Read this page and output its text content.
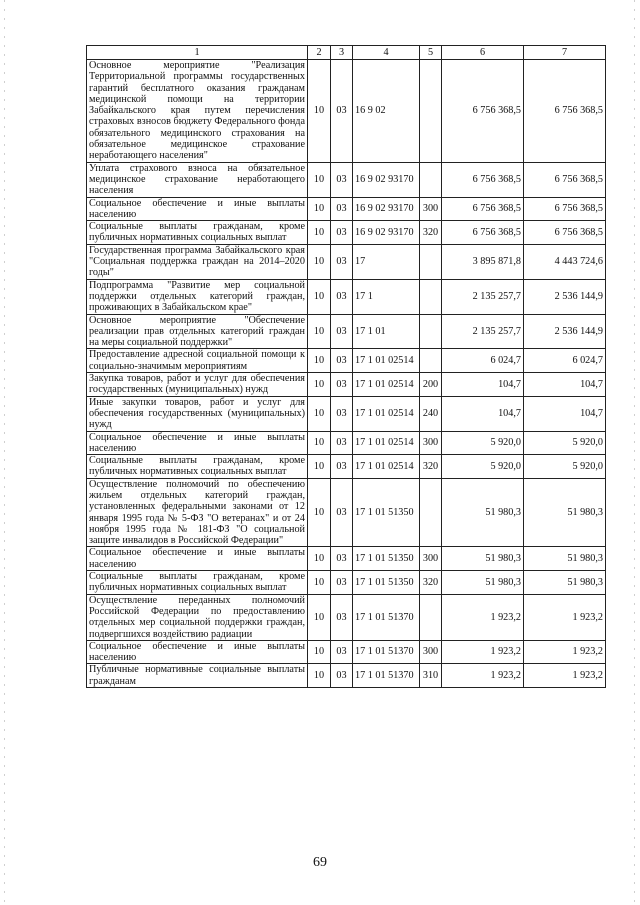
1	2	3	4	5	6	7
Основное мероприятие "Реализация Территориальной программы государственных гарантий бесплатного оказания гражданам медицинской помощи на территории Забайкальского края путем перечисления страховых взносов бюджету Федерального фонда обязательного медицинского страхования на обязательное медицинское страхование неработающего населения"	10	03	16 9 02		6 756 368,5	6 756 368,5
Уплата страхового взноса на обязательное медицинское страхование неработающего населения	10	03	16 9 02 93170		6 756 368,5	6 756 368,5
Социальное обеспечение и иные выплаты населению	10	03	16 9 02 93170	300	6 756 368,5	6 756 368,5
Социальные выплаты гражданам, кроме публичных нормативных социальных выплат	10	03	16 9 02 93170	320	6 756 368,5	6 756 368,5
Государственная программа Забайкальского края "Социальная поддержка граждан на 2014–2020 годы"	10	03	17		3 895 871,8	4 443 724,6
Подпрограмма "Развитие мер социальной поддержки отдельных категорий граждан, проживающих в Забайкальском крае"	10	03	17 1		2 135 257,7	2 536 144,9
Основное мероприятие "Обеспечение реализации прав отдельных категорий граждан на меры социальной поддержки"	10	03	17 1 01		2 135 257,7	2 536 144,9
Предоставление адресной социальной помощи к социально-значимым мероприятиям	10	03	17 1 01 02514		6 024,7	6 024,7
Закупка товаров, работ и услуг для обеспечения государственных (муниципальных) нужд	10	03	17 1 01 02514	200	104,7	104,7
Иные закупки товаров, работ и услуг для обеспечения государственных (муниципальных) нужд	10	03	17 1 01 02514	240	104,7	104,7
Социальное обеспечение и иные выплаты населению	10	03	17 1 01 02514	300	5 920,0	5 920,0
Социальные выплаты гражданам, кроме публичных нормативных социальных выплат	10	03	17 1 01 02514	320	5 920,0	5 920,0
Осуществление полномочий по обеспечению жильем отдельных категорий граждан, установленных федеральными законами от 12 января 1995 года № 5-ФЗ "О ветеранах" и от 24 ноября 1995 года № 181-ФЗ "О социальной защите инвалидов в Российской Федерации"	10	03	17 1 01 51350		51 980,3	51 980,3
Социальное обеспечение и иные выплаты населению	10	03	17 1 01 51350	300	51 980,3	51 980,3
Социальные выплаты гражданам, кроме публичных нормативных социальных выплат	10	03	17 1 01 51350	320	51 980,3	51 980,3
Осуществление переданных полномочий Российской Федерации по предоставлению отдельных мер социальной поддержки граждан, подвергшихся воздействию радиации	10	03	17 1 01 51370		1 923,2	1 923,2
Социальное обеспечение и иные выплаты населению	10	03	17 1 01 51370	300	1 923,2	1 923,2
Публичные нормативные социальные выплаты гражданам	10	03	17 1 01 51370	310	1 923,2	1 923,2
69
